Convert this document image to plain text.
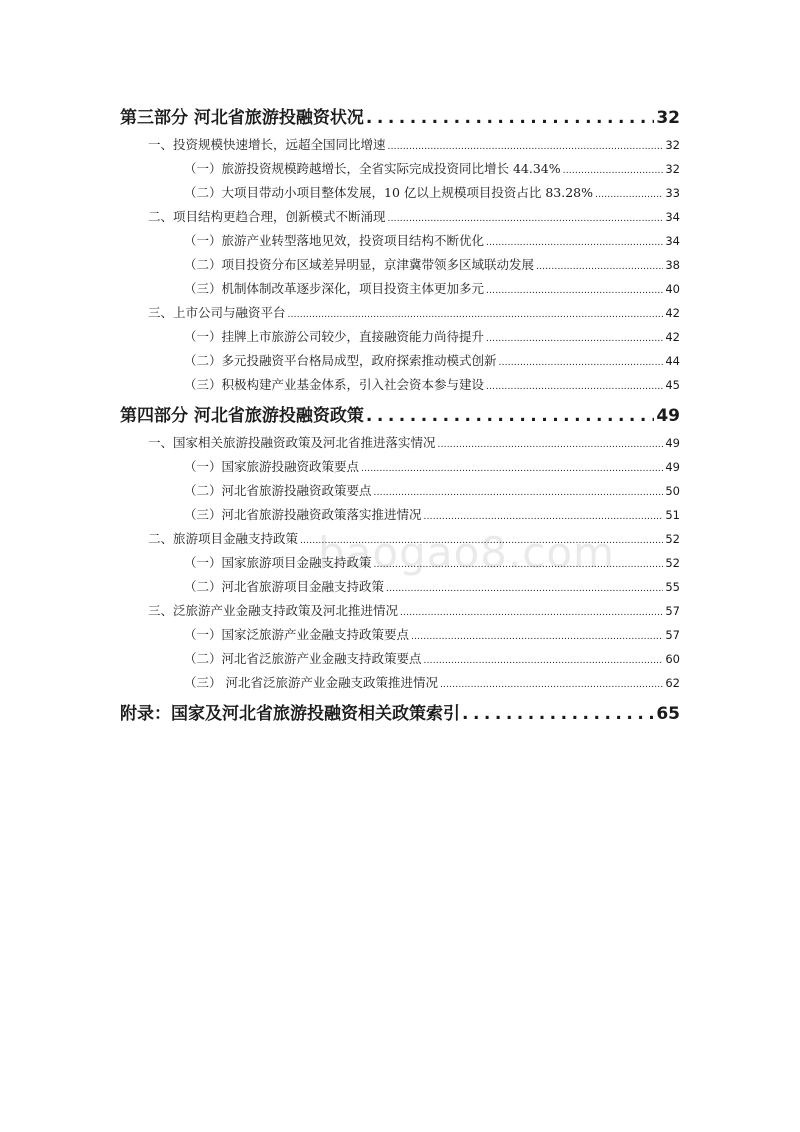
baogao8.com
第三部分 河北省旅游投融资状况 .....	32
一、投资规模快速增长，远超全国同比增速 .....	32
（一）旅游投资规模跨越增长，全省实际完成投资同比增长 44.34% .....	32
（二）大项目带动小项目整体发展，10 亿以上规模项目投资占比 83.28% .....	33
二、项目结构更趋合理，创新模式不断涌现 .....	34
（一）旅游产业转型落地见效，投资项目结构不断优化 .....	34
（二）项目投资分布区域差异明显，京津冀带领多区域联动发展 .....	38
（三）机制体制改革逐步深化，项目投资主体更加多元 .....	40
三、上市公司与融资平台 .....	42
（一）挂牌上市旅游公司较少，直接融资能力尚待提升 .....	42
（二）多元投融资平台格局成型，政府探索推动模式创新 .....	44
（三）积极构建产业基金体系，引入社会资本参与建设 .....	45
第四部分 河北省旅游投融资政策 .....	49
一、国家相关旅游投融资政策及河北省推进落实情况 .....	49
（一）国家旅游投融资政策要点 .....	49
（二）河北省旅游投融资政策要点 .....	50
（三）河北省旅游投融资政策落实推进情况 .....	51
二、旅游项目金融支持政策 .....	52
（一）国家旅游项目金融支持政策 .....	52
（二）河北省旅游项目金融支持政策 .....	55
三、泛旅游产业金融支持政策及河北推进情况 .....	57
（一）国家泛旅游产业金融支持政策要点 .....	57
（二）河北省泛旅游产业金融支持政策要点 .....	60
（三） 河北省泛旅游产业金融支政策推进情况 .....	62
附录：国家及河北省旅游投融资相关政策索引 .....	65
